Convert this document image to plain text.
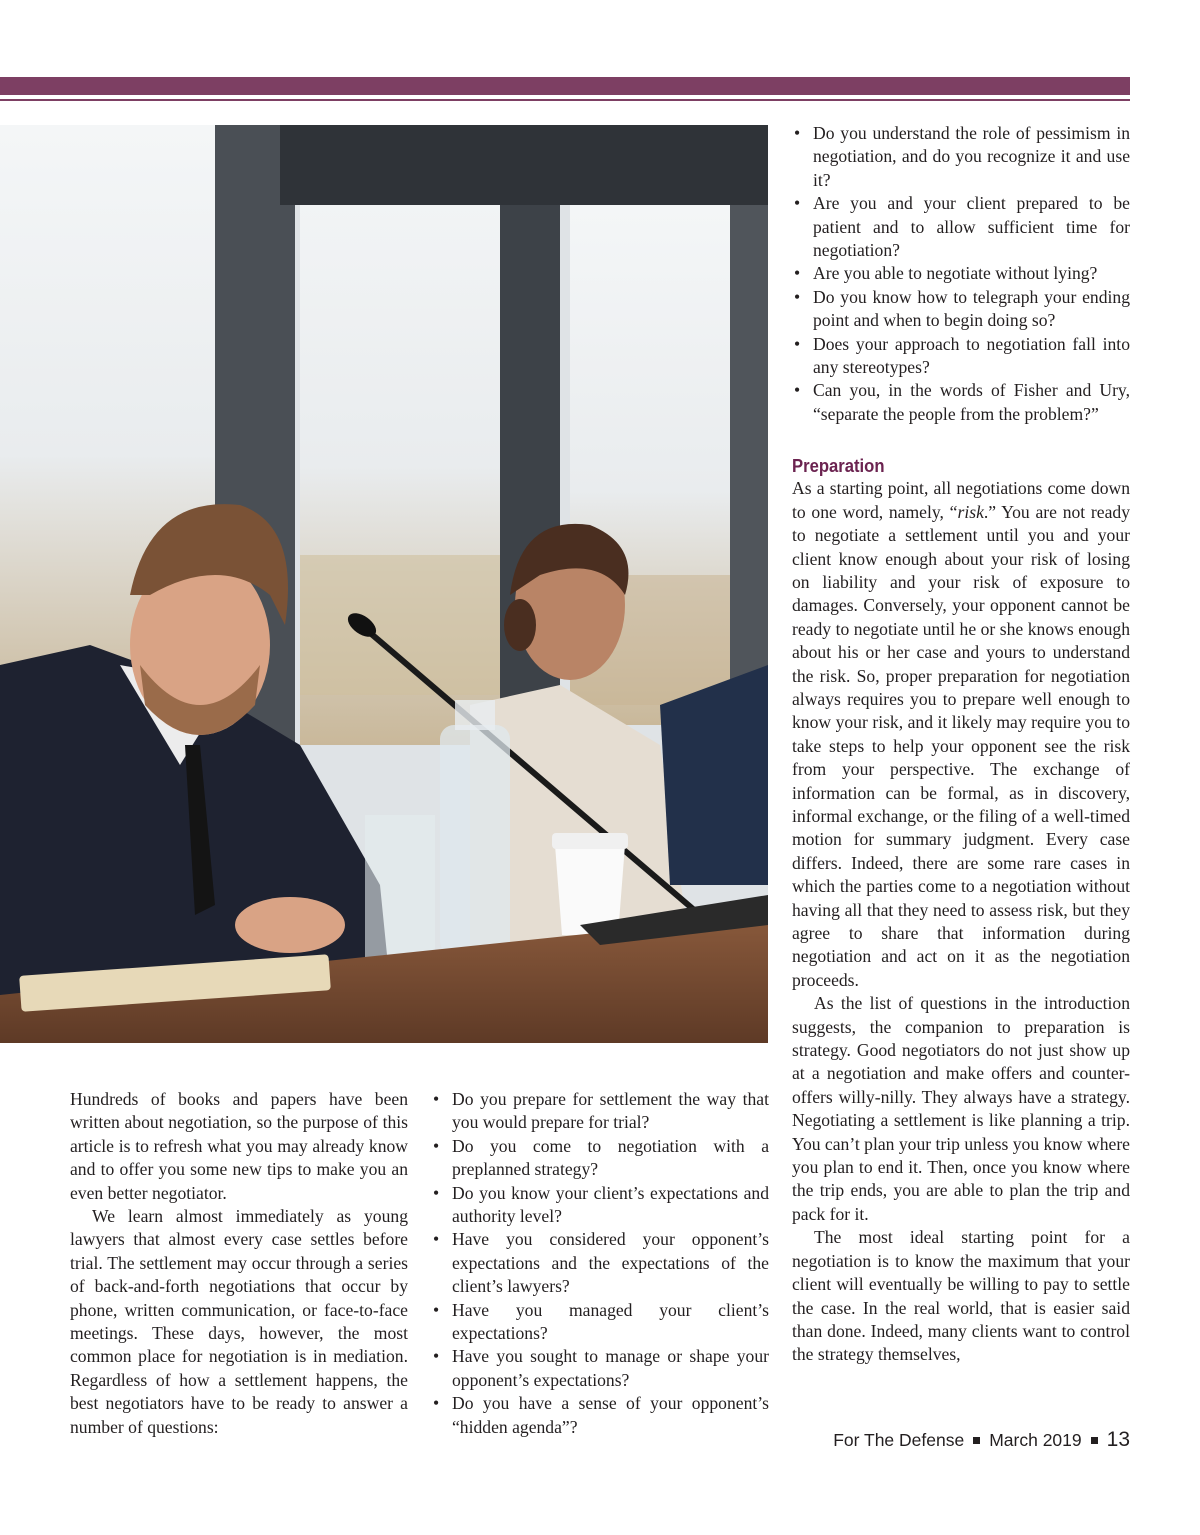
Hundreds of books and papers have been written about negotiation, so the purpose of this article is to refresh what you may already know and to offer you some new tips to make you an even better negotiator.

We learn almost immediately as young lawyers that almost every case settles before trial. The settlement may occur through a series of back-and-forth negotiations that occur by phone, written communication, or face-to-face meetings. These days, however, the most common place for negotiation is in mediation. Regardless of how a settlement happens, the best negotiators have to be ready to answer a number of questions:

• Do you prepare for settlement the way that you would prepare for trial?
• Do you come to negotiation with a preplanned strategy?
• Do you know your client’s expectations and authority level?
• Have you considered your opponent’s expectations and the expectations of the client’s lawyers?
• Have you managed your client’s expectations?
• Have you sought to manage or shape your opponent’s expectations?
• Do you have a sense of your opponent’s “hidden agenda”?
• Do you understand the role of pessimism in negotiation, and do you recognize it and use it?
• Are you and your client prepared to be patient and to allow sufficient time for negotiation?
• Are you able to negotiate without lying?
• Do you know how to telegraph your ending point and when to begin doing so?
• Does your approach to negotiation fall into any stereotypes?
• Can you, in the words of Fisher and Ury, “separate the people from the problem?”
Preparation

As a starting point, all negotiations come down to one word, namely, “risk.” You are not ready to negotiate a settlement until you and your client know enough about your risk of losing on liability and your risk of exposure to damages. Conversely, your opponent cannot be ready to negotiate until he or she knows enough about his or her case and yours to understand the risk. So, proper preparation for negotiation always requires you to prepare well enough to know your risk, and it likely may require you to take steps to help your opponent see the risk from your perspective. The exchange of information can be formal, as in discovery, informal exchange, or the filing of a well-timed motion for summary judgment. Every case differs. Indeed, there are some rare cases in which the parties come to a negotiation without having all that they need to assess risk, but they agree to share that information during negotiation and act on it as the negotiation proceeds.

As the list of questions in the introduction suggests, the companion to preparation is strategy. Good negotiators do not just show up at a negotiation and make offers and counter-offers willy-nilly. They always have a strategy. Negotiating a settlement is like planning a trip. You can’t plan your trip unless you know where you plan to end it. Then, once you know where the trip ends, you are able to plan the trip and pack for it.

The most ideal starting point for a negotiation is to know the maximum that your client will eventually be willing to pay to settle the case. In the real world, that is easier said than done. Indeed, many clients want to control the strategy themselves,

For The Defense March 2019 13
